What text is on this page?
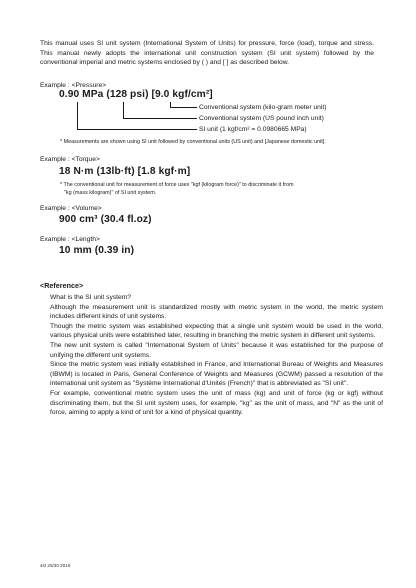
This manual uses SI unit system (International System of Units) for pressure, force (load), torque and stress. This manual newly adopts the international unit construction system (SI unit system) followed by the conventional imperial and metric systems enclosed by ( ) and [ ] as described below.
Example : <Pressure>
0.90 MPa (128 psi) [9.0 kgf/cm²]
Conventional system (kilo-gram meter unit)
Conventional system (US pound inch unit)
SI unit (1 kgf/cm² = 0.0980665 MPa)
* Measurements are shown using SI unit followed by conventional units (US unit) and [Japanese domestic unit].
Example : <Torque>
18 N·m (13lb·ft) [1.8 kgf·m]
* The conventional unit for measurement of force uses "kgf (kilogram force)" to discriminate it from
"kg (mass kilogram)" of SI unit system.
Example : <Volume>
900 cm³ (30.4 fl.oz)
Example : <Length>
10 mm (0.39 in)
<Reference>

What is the SI unit system?

Although the measurement unit is standardized mostly with metric system in the world, the metric system includes different kinds of unit systems.

Though the metric system was established expecting that a single unit system would be used in the world, various physical units were established later, resulting in branching the metric system in different unit systems.

The new unit system is called "International System of Units" because it was established for the purpose of unifying the different unit systems.

Since the metric system was initially established in France, and International Bureau of Weights and Measures (IBWM) is located in Paris, General Conference of Weights and Measures (GCWM) passed a resolution of the international unit system as "Système International d'Unités (French)" that is abbreviated as "SI unit".

For example, conventional metric system uses the unit of mass (kg) and unit of force (kg or kgf) without discriminating them, but the SI unit system uses, for example, "kg" as the unit of mass, and "N" as the unit of force, aiming to apply a kind of unit for a kind of physical quantity.

4st 25/30 2016
